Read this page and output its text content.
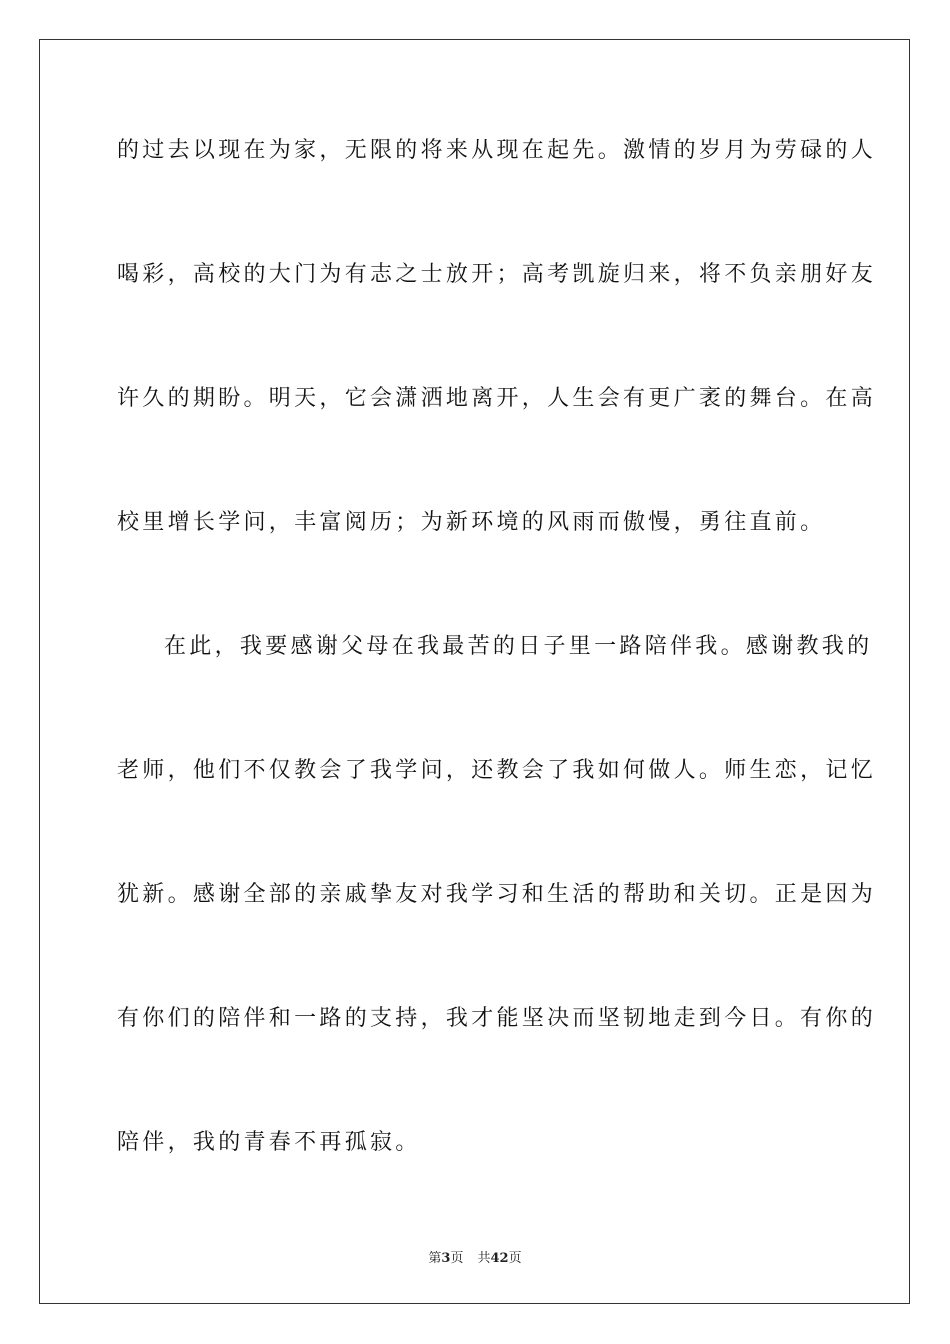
的过去以现在为家，无限的将来从现在起先。激情的岁月为劳碌的人

喝彩，高校的大门为有志之士放开；高考凯旋归来，将不负亲朋好友

许久的期盼。明天，它会潇洒地离开，人生会有更广袤的舞台。在高

校里增长学问，丰富阅历；为新环境的风雨而傲慢，勇往直前。

在此，我要感谢父母在我最苦的日子里一路陪伴我。感谢教我的

老师，他们不仅教会了我学问，还教会了我如何做人。师生恋，记忆

犹新。感谢全部的亲戚挚友对我学习和生活的帮助和关切。正是因为

有你们的陪伴和一路的支持，我才能坚决而坚韧地走到今日。有你的

陪伴，我的青春不再孤寂。

第3页 共42页
